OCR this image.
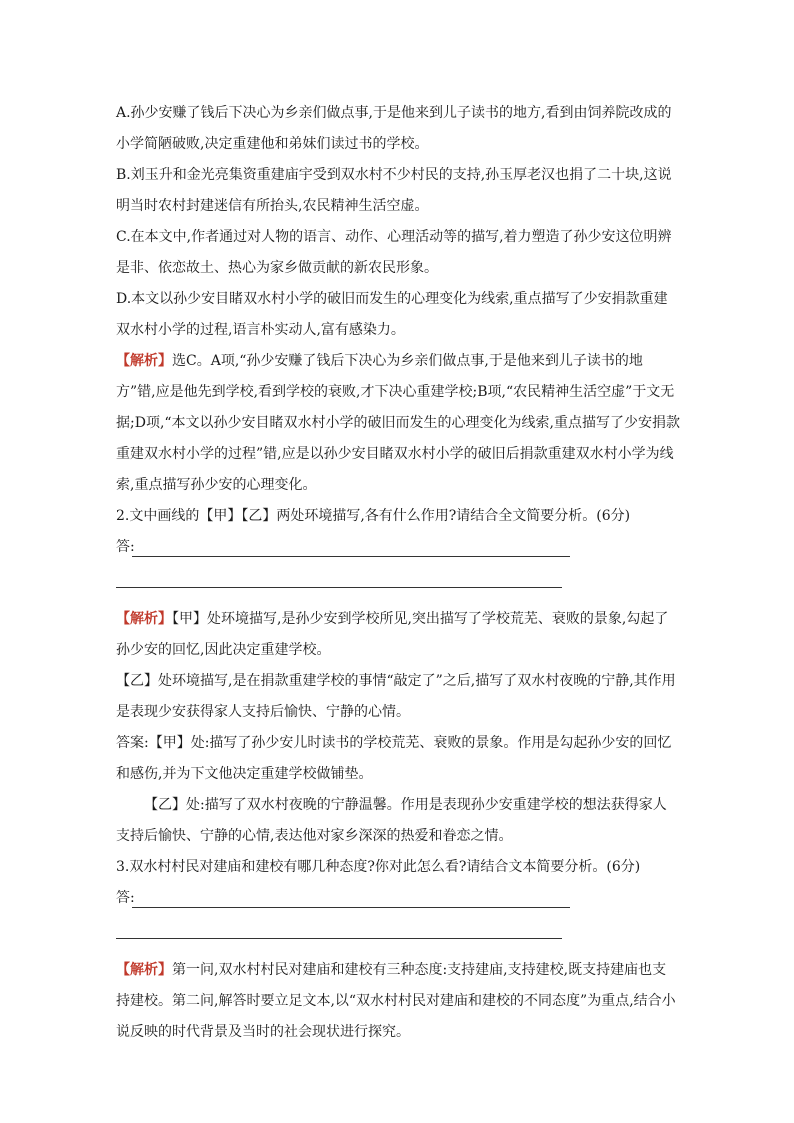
A.孙少安赚了钱后下决心为乡亲们做点事,于是他来到儿子读书的地方,看到由饲养院改成的小学简陋破败,决定重建他和弟妹们读过书的学校。

B.刘玉升和金光亮集资重建庙宇受到双水村不少村民的支持,孙玉厚老汉也捐了二十块,这说明当时农村封建迷信有所抬头,农民精神生活空虚。

C.在本文中,作者通过对人物的语言、动作、心理活动等的描写,着力塑造了孙少安这位明辨是非、依恋故土、热心为家乡做贡献的新农民形象。

D.本文以孙少安目睹双水村小学的破旧而发生的心理变化为线索,重点描写了少安捐款重建双水村小学的过程,语言朴实动人,富有感染力。

【解析】选C。A项,“孙少安赚了钱后下决心为乡亲们做点事,于是他来到儿子读书的地方”错,应是他先到学校,看到学校的衰败,才下决心重建学校;B项,“农民精神生活空虚”于文无据;D项,“本文以孙少安目睹双水村小学的破旧而发生的心理变化为线索,重点描写了少安捐款重建双水村小学的过程”错,应是以孙少安目睹双水村小学的破旧后捐款重建双水村小学为线索,重点描写孙少安的心理变化。

2.文中画线的【甲】【乙】两处环境描写,各有什么作用?请结合全文简要分析。(6分)

答:

【解析】【甲】处环境描写,是孙少安到学校所见,突出描写了学校荒芜、衰败的景象,勾起了孙少安的回忆,因此决定重建学校。

【乙】处环境描写,是在捐款重建学校的事情“敲定了”之后,描写了双水村夜晚的宁静,其作用是表现少安获得家人支持后愉快、宁静的心情。

答案:【甲】处:描写了孙少安儿时读书的学校荒芜、衰败的景象。作用是勾起孙少安的回忆和感伤,并为下文他决定重建学校做铺垫。

【乙】处:描写了双水村夜晚的宁静温馨。作用是表现孙少安重建学校的想法获得家人支持后愉快、宁静的心情,表达他对家乡深深的热爱和眷恋之情。

3.双水村村民对建庙和建校有哪几种态度?你对此怎么看?请结合文本简要分析。(6分)

答:

【解析】第一问,双水村村民对建庙和建校有三种态度:支持建庙,支持建校,既支持建庙也支持建校。第二问,解答时要立足文本,以“双水村村民对建庙和建校的不同态度”为重点,结合小说反映的时代背景及当时的社会现状进行探究。
